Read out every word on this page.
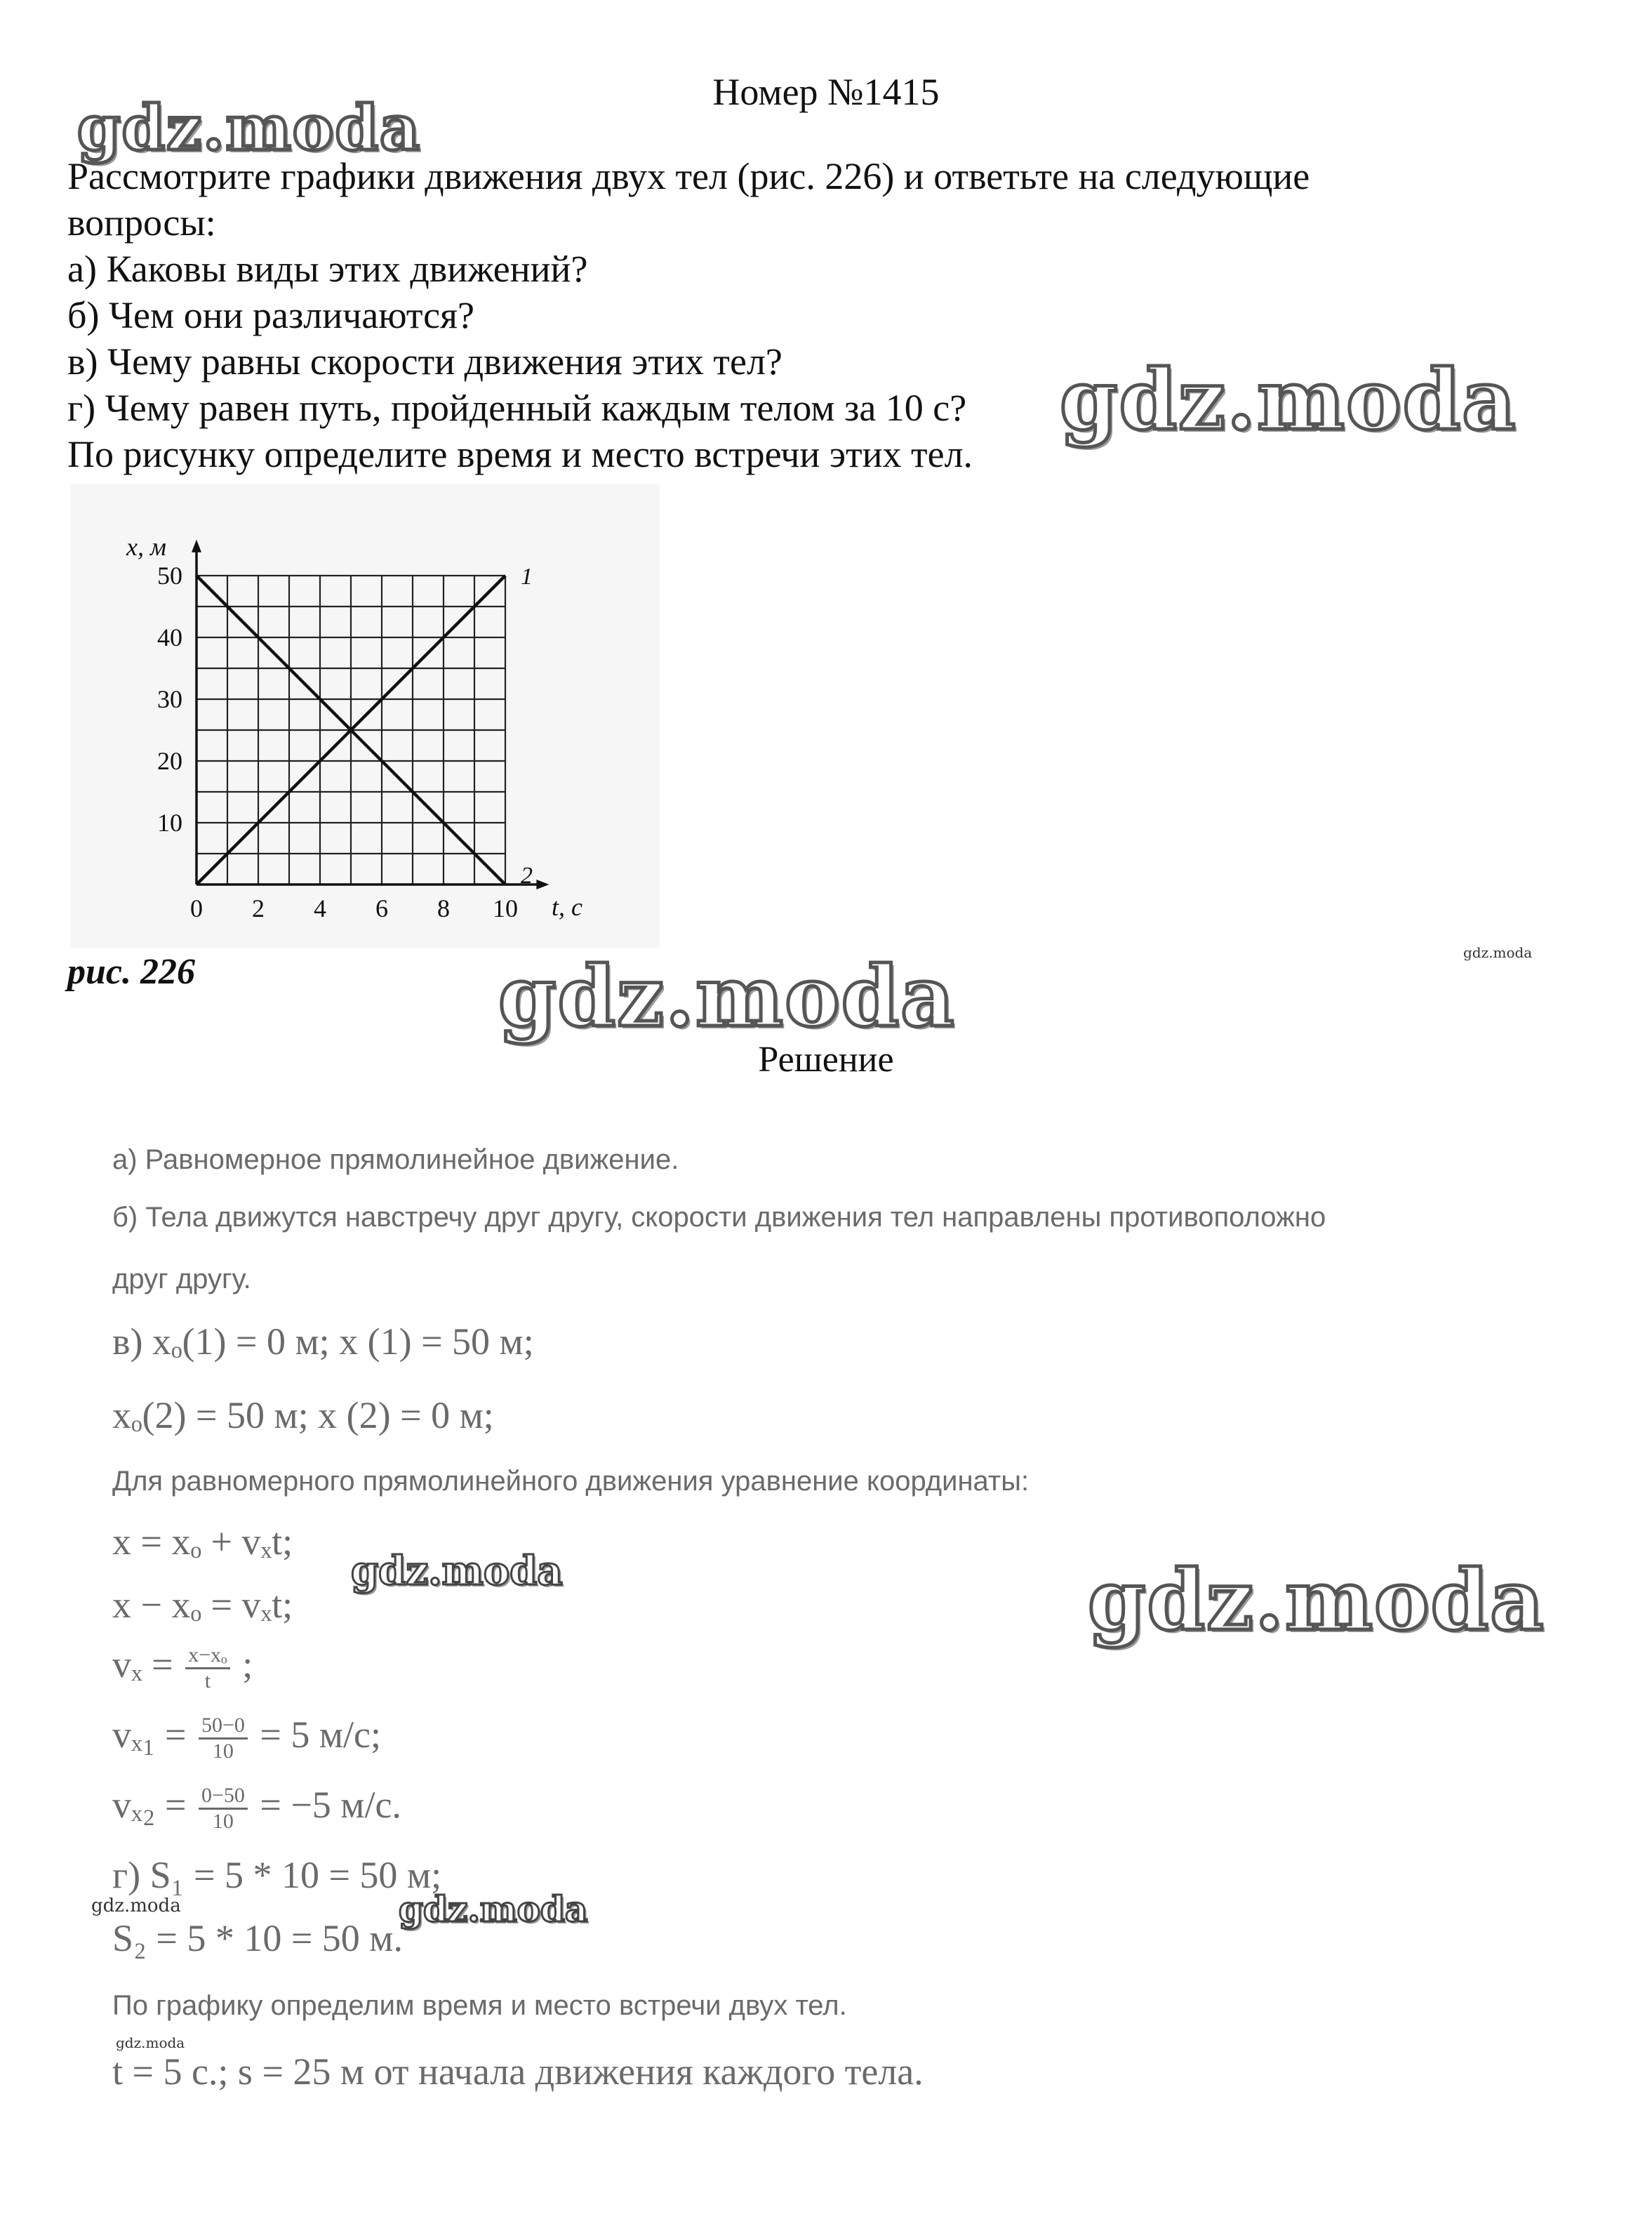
Номер №1415
gdz.moda
gdz.moda
gdz.moda
gdz.moda
gdz.moda
gdz.moda
gdz.moda
gdz.moda
gdz.moda
Рассмотрите графики движения двух тел (рис. 226) и ответьте на следующие
вопросы:
а) Каковы виды этих движений?
б) Чем они различаются?
в) Чему равны скорости движения этих тел?
г) Чему равен путь, пройденный каждым телом за 10 с?
По рисунку определите время и место встречи этих тел.
1
2
0 2 4 6 8 10
10
20
30
40
50
t, с
x, м
рис. 226
Решение
а) Равномерное прямолинейное движение.
б) Тела движутся навстречу друг другу, скорости движения тел направлены противоположно
друг другу.
в) xₒ(1) = 0 м; x (1) = 50 м;
xₒ(2) = 50 м; x (2) = 0 м;
Для равномерного прямолинейного движения уравнение координаты:
x = xₒ + vₓt;
x − xₒ = vₓt;
$v_x = \frac{\text{x−xₒ}}{t}$ ;
$v_{x1} = \frac{50-0}{10} = 5$ м/с;
$v_{x2} = \frac{0-50}{10} = -5$ м/с.
г) S₁ = 5 * 10 = 50 м;
S₂ = 5 * 10 = 50 м.
По графику определим время и место встречи двух тел.
t = 5 с.; s = 25 м от начала движения каждого тела.
